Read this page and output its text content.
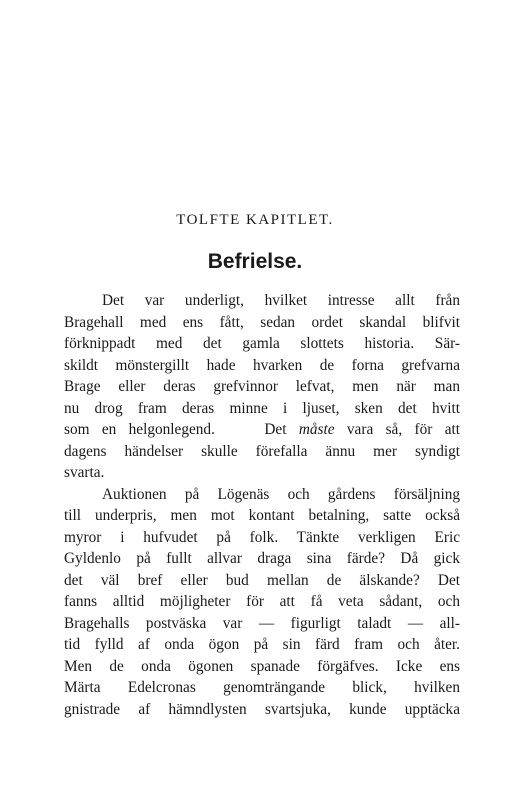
TOLFTE KAPITLET.
Befrielse.
Det var underligt, hvilket intresse allt från
Bragehall med ens fått, sedan ordet skandal blifvit
förknippadt med det gamla slottets historia. Sär-
skildt mönstergillt hade hvarken de forna grefvarna
Brage eller deras grefvinnor lefvat, men när man
nu drog fram deras minne i ljuset, sken det hvitt
som en helgonlegend.	Det måste vara så, för att
dagens händelser skulle förefalla ännu mer syndigt
svarta.
Auktionen på Lögenäs och gårdens försäljning
till underpris, men mot kontant betalning, satte också
myror i hufvudet på folk. Tänkte verkligen Eric
Gyldenlo på fullt allvar draga sina färde? Då gick
det väl bref eller bud mellan de älskande? Det
fanns alltid möjligheter för att få veta sådant, och
Bragehalls postväska var — figurligt taladt — all-
tid fylld af onda ögon på sin färd fram och åter.
Men de onda ögonen spanade förgäfves. Icke ens
Märta Edelcronas genomträngande blick, hvilken
gnistrade af hämndlysten svartsjuka, kunde upptäcka
